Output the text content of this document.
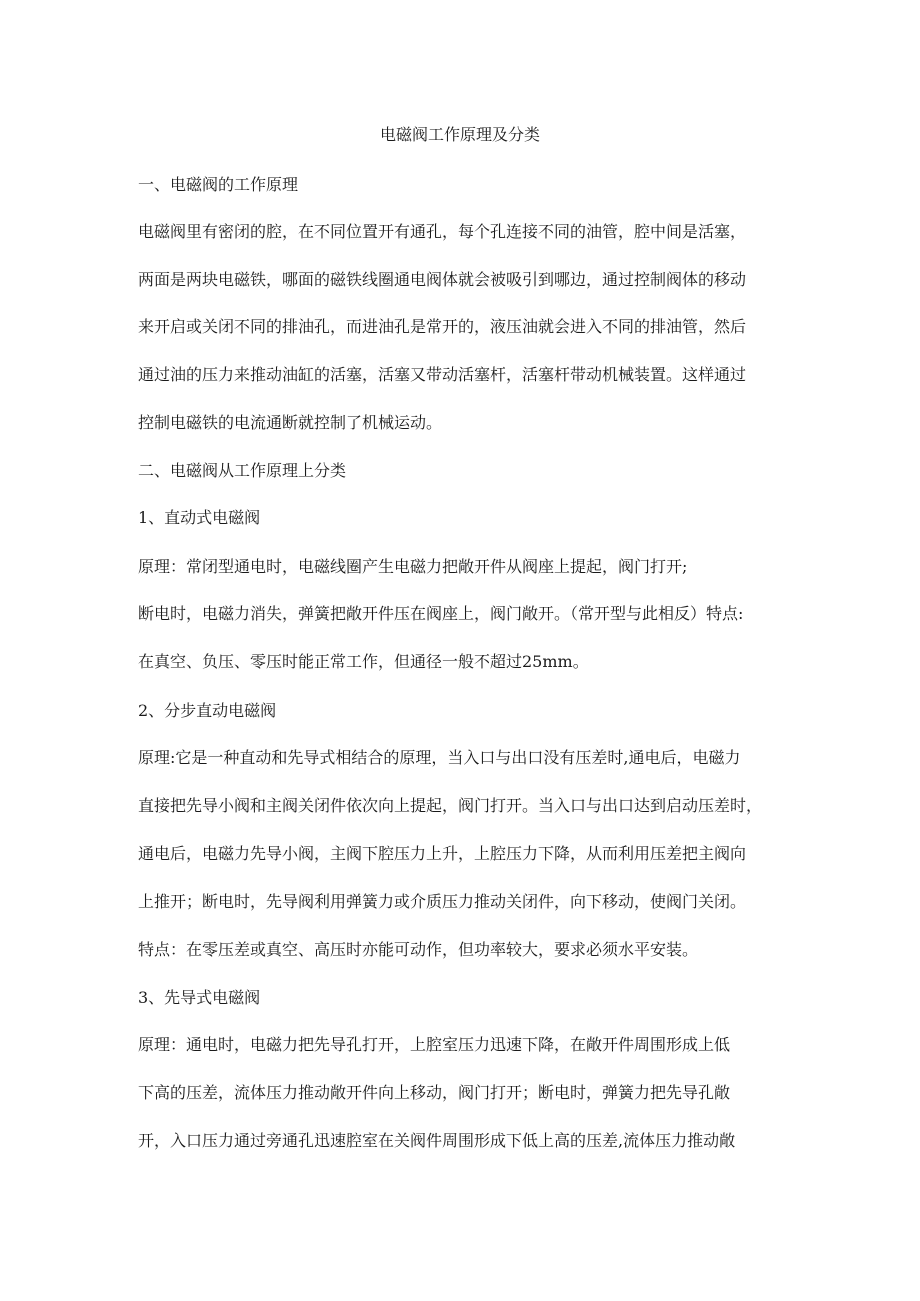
电磁阀工作原理及分类
一、电磁阀的工作原理
电磁阀里有密闭的腔，在不同位置开有通孔，每个孔连接不同的油管，腔中间是活塞，
两面是两块电磁铁，哪面的磁铁线圈通电阀体就会被吸引到哪边，通过控制阀体的移动
来开启或关闭不同的排油孔，而进油孔是常开的，液压油就会进入不同的排油管，然后
通过油的压力来推动油缸的活塞，活塞又带动活塞杆，活塞杆带动机械装置。这样通过
控制电磁铁的电流通断就控制了机械运动。
二、电磁阀从工作原理上分类
1、直动式电磁阀
原理：常闭型通电时，电磁线圈产生电磁力把敞开件从阀座上提起，阀门打开;
断电时，电磁力消失，弹簧把敞开件压在阀座上，阀门敞开。（常开型与此相反）特点:
在真空、负压、零压时能正常工作，但通径一般不超过25mm。
2、分步直动电磁阀
原理:它是一种直动和先导式相结合的原理，当入口与出口没有压差时,通电后，电磁力
直接把先导小阀和主阀关闭件依次向上提起，阀门打开。当入口与出口达到启动压差时，
通电后，电磁力先导小阀，主阀下腔压力上升，上腔压力下降，从而利用压差把主阀向
上推开；断电时，先导阀利用弹簧力或介质压力推动关闭件，向下移动，使阀门关闭。
特点：在零压差或真空、高压时亦能可动作，但功率较大，要求必须水平安装。
3、先导式电磁阀
原理：通电时，电磁力把先导孔打开，上腔室压力迅速下降，在敞开件周围形成上低
下高的压差，流体压力推动敞开件向上移动，阀门打开；断电时，弹簧力把先导孔敞
开，入口压力通过旁通孔迅速腔室在关阀件周围形成下低上高的压差,流体压力推动敞
